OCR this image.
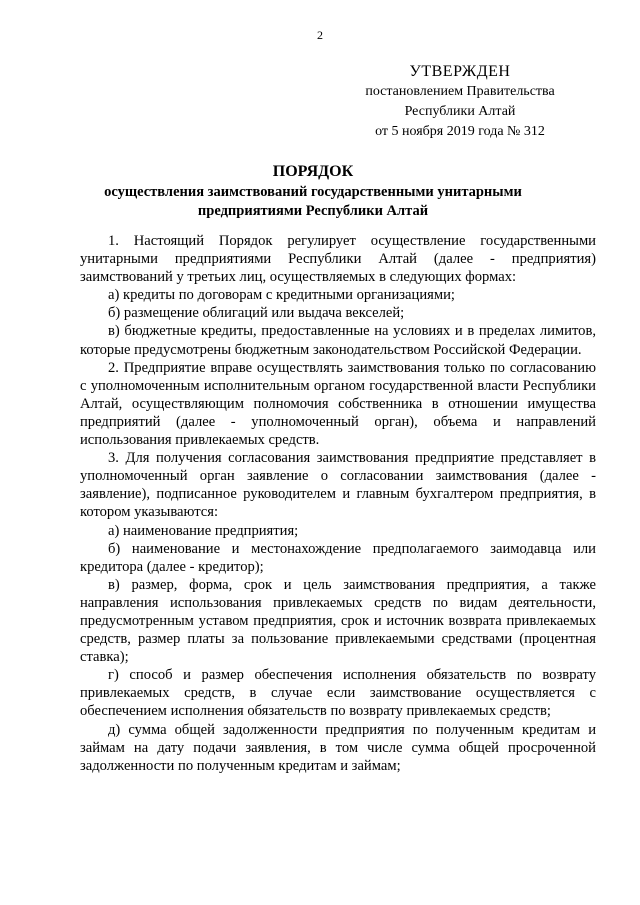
2
УТВЕРЖДЕН
постановлением Правительства
Республики Алтай
от 5 ноября 2019 года № 312
ПОРЯДОК
осуществления заимствований государственными унитарными
предприятиями Республики Алтай

1. Настоящий Порядок регулирует осуществление государственными унитарными предприятиями Республики Алтай (далее - предприятия) заимствований у третьих лиц, осуществляемых в следующих формах:

а) кредиты по договорам с кредитными организациями;

б) размещение облигаций или выдача векселей;

в) бюджетные кредиты, предоставленные на условиях и в пределах лимитов, которые предусмотрены бюджетным законодательством Российской Федерации.

2. Предприятие вправе осуществлять заимствования только по согласованию с уполномоченным исполнительным органом государственной власти Республики Алтай, осуществляющим полномочия собственника в отношении имущества предприятий (далее - уполномоченный орган), объема и направлений использования привлекаемых средств.

3. Для получения согласования заимствования предприятие представляет в уполномоченный орган заявление о согласовании заимствования (далее - заявление), подписанное руководителем и главным бухгалтером предприятия, в котором указываются:

а) наименование предприятия;

б) наименование и местонахождение предполагаемого заимодавца или кредитора (далее - кредитор);

в) размер, форма, срок и цель заимствования предприятия, а также направления использования привлекаемых средств по видам деятельности, предусмотренным уставом предприятия, срок и источник возврата привлекаемых средств, размер платы за пользование привлекаемыми средствами (процентная ставка);

г) способ и размер обеспечения исполнения обязательств по возврату привлекаемых средств, в случае если заимствование осуществляется с обеспечением исполнения обязательств по возврату привлекаемых средств;

д) сумма общей задолженности предприятия по полученным кредитам и займам на дату подачи заявления, в том числе сумма общей просроченной задолженности по полученным кредитам и займам;
